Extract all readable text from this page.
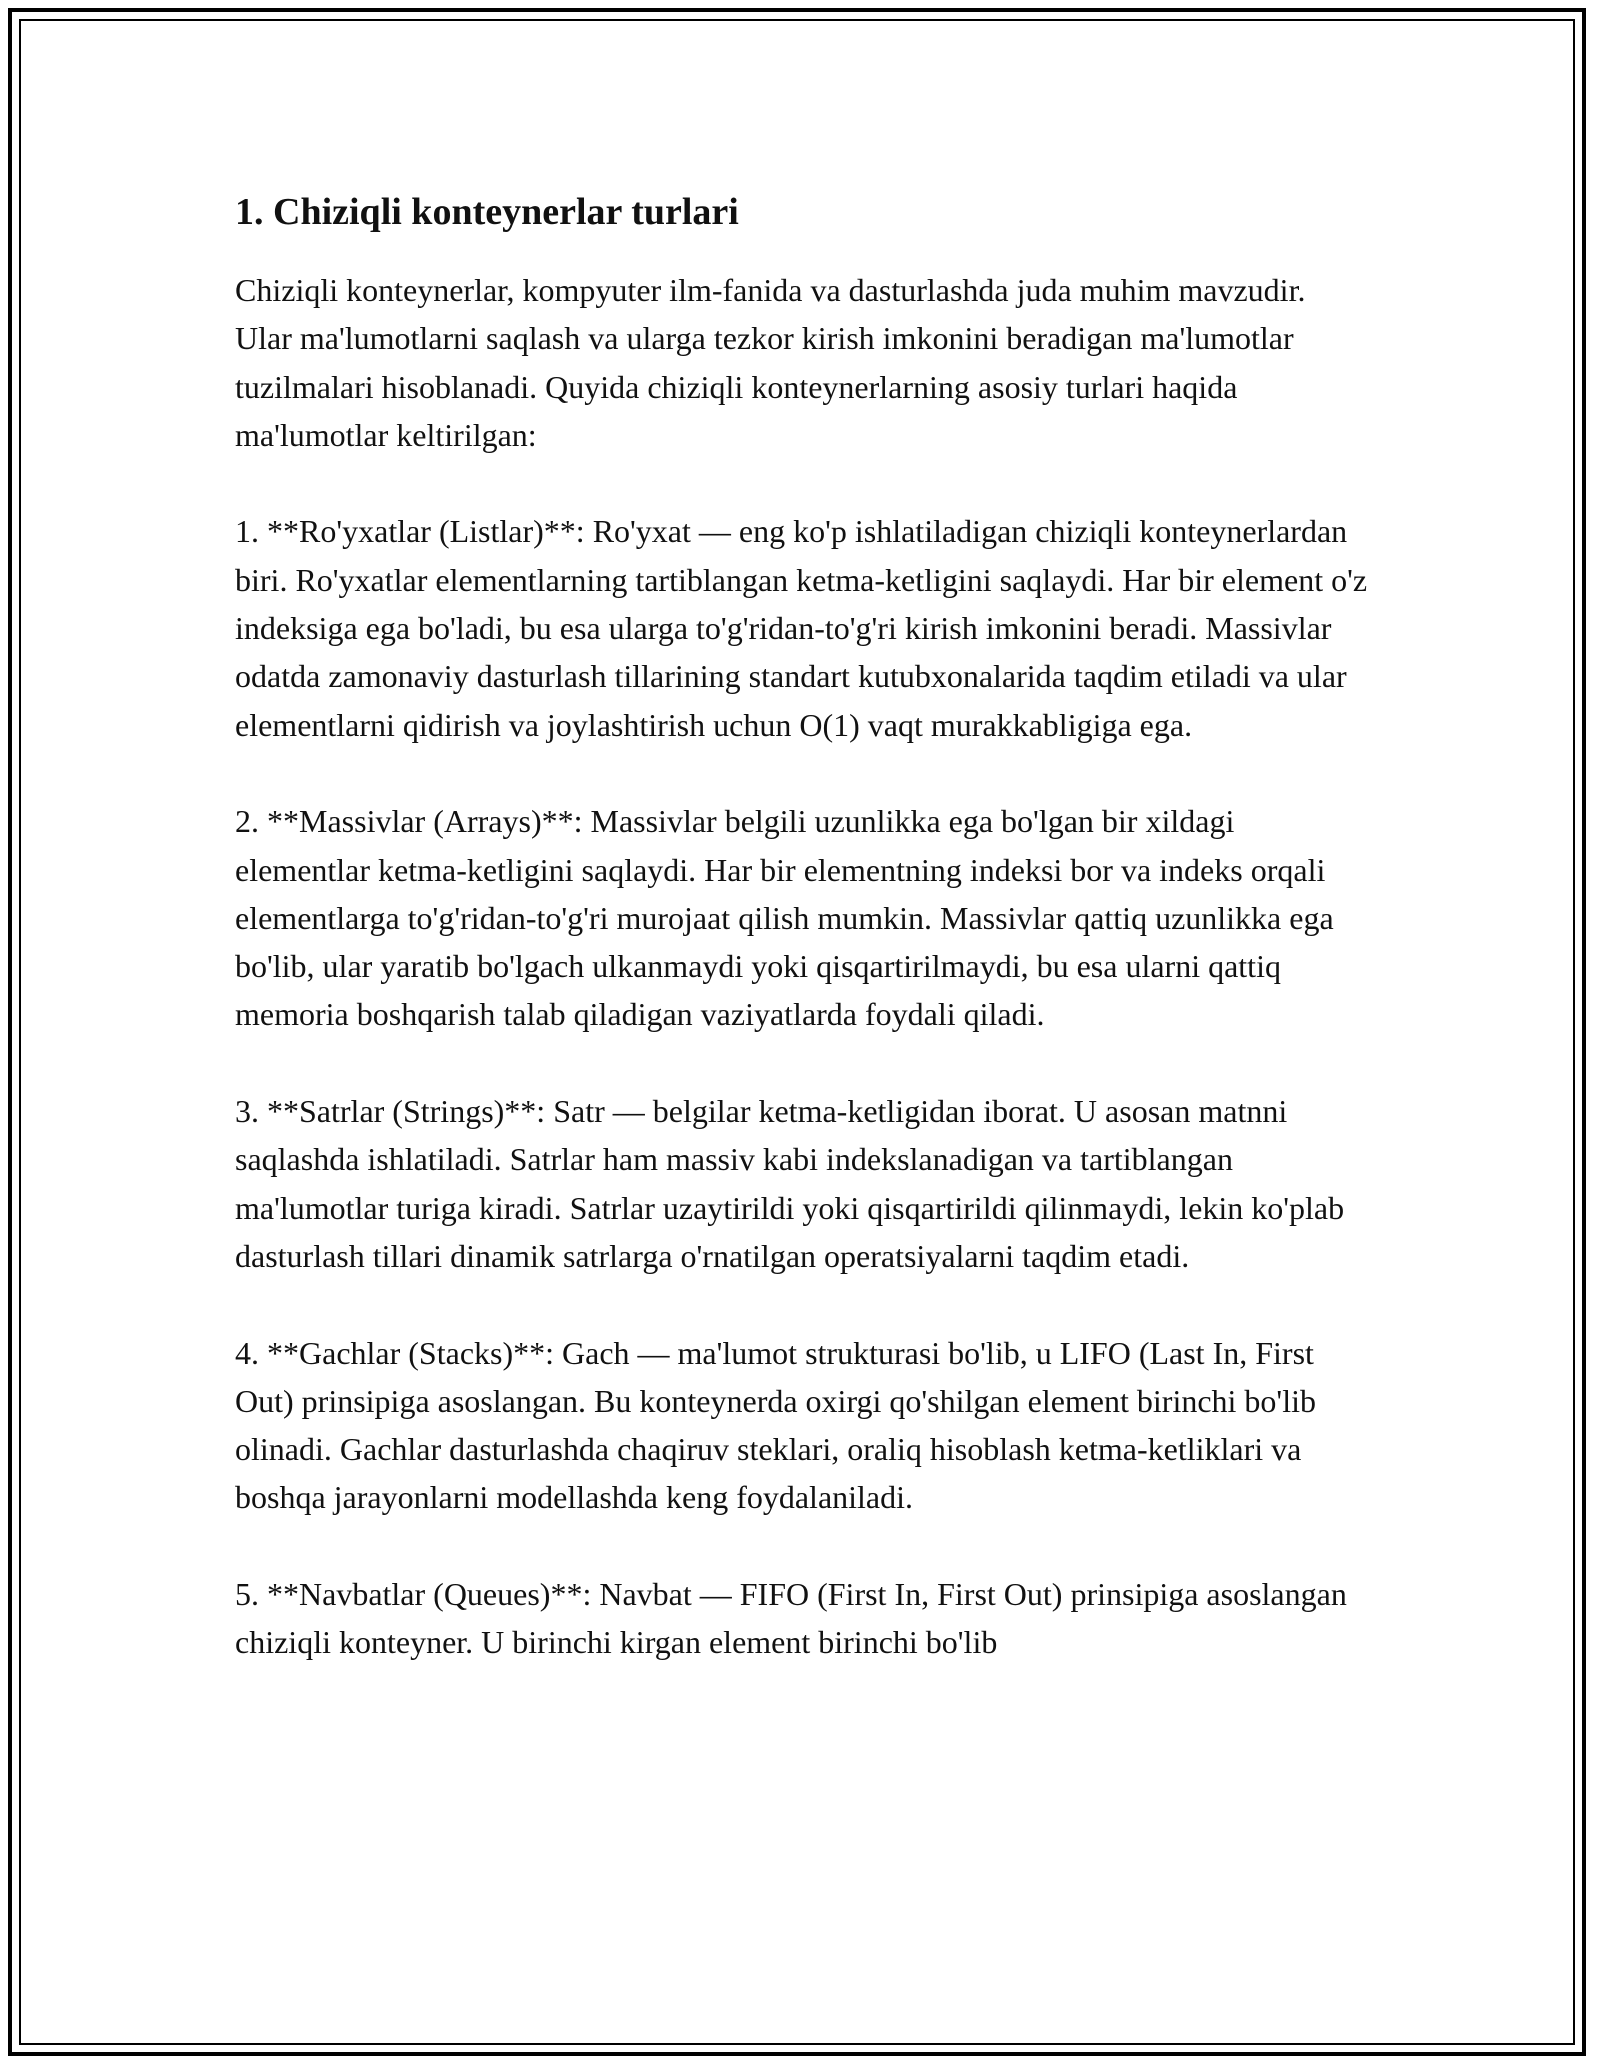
1. Chiziqli konteynerlar turlari

Chiziqli konteynerlar, kompyuter ilm-fanida va dasturlashda juda muhim mavzudir. Ular ma'lumotlarni saqlash va ularga tezkor kirish imkonini beradigan ma'lumotlar tuzilmalari hisoblanadi. Quyida chiziqli konteynerlarning asosiy turlari haqida ma'lumotlar keltirilgan:

1. **Ro'yxatlar (Listlar)**: Ro'yxat — eng ko'p ishlatiladigan chiziqli konteynerlardan biri. Ro'yxatlar elementlarning tartiblangan ketma-ketligini saqlaydi. Har bir element o'z indeksiga ega bo'ladi, bu esa ularga to'g'ridan-to'g'ri kirish imkonini beradi. Massivlar odatda zamonaviy dasturlash tillarining standart kutubxonalarida taqdim etiladi va ular elementlarni qidirish va joylashtirish uchun O(1) vaqt murakkabligiga ega.

2. **Massivlar (Arrays)**: Massivlar belgili uzunlikka ega bo'lgan bir xildagi elementlar ketma-ketligini saqlaydi. Har bir elementning indeksi bor va indeks orqali elementlarga to'g'ridan-to'g'ri murojaat qilish mumkin. Massivlar qattiq uzunlikka ega bo'lib, ular yaratib bo'lgach ulkanmaydi yoki qisqartirilmaydi, bu esa ularni qattiq memoria boshqarish talab qiladigan vaziyatlarda foydali qiladi.

3. **Satrlar (Strings)**: Satr — belgilar ketma-ketligidan iborat. U asosan matnni saqlashda ishlatiladi. Satrlar ham massiv kabi indekslanadigan va tartiblangan ma'lumotlar turiga kiradi. Satrlar uzaytirildi yoki qisqartirildi qilinmaydi, lekin ko'plab dasturlash tillari dinamik satrlarga o'rnatilgan operatsiyalarni taqdim etadi.

4. **Gachlar (Stacks)**: Gach — ma'lumot strukturasi bo'lib, u LIFO (Last In, First Out) prinsipiga asoslangan. Bu konteynerda oxirgi qo'shilgan element birinchi bo'lib olinadi. Gachlar dasturlashda chaqiruv steklari, oraliq hisoblash ketma-ketliklari va boshqa jarayonlarni modellashda keng foydalaniladi.

5. **Navbatlar (Queues)**: Navbat — FIFO (First In, First Out) prinsipiga asoslangan chiziqli konteyner. U birinchi kirgan element birinchi bo'lib
